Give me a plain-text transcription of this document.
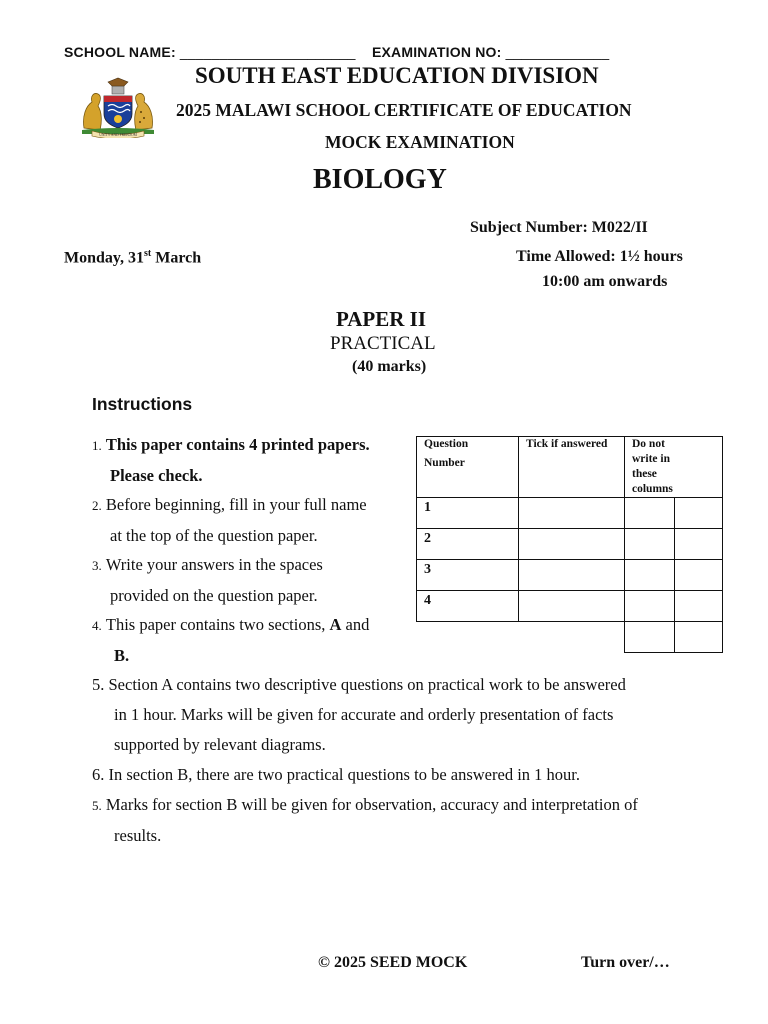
SCHOOL NAME: ______________________ EXAMINATION NO: _____________
UNITY AND FREEDOM
SOUTH EAST EDUCATION DIVISION
2025 MALAWI SCHOOL CERTIFICATE OF EDUCATION
MOCK EXAMINATION
BIOLOGY
Subject Number: M022/II
Monday, 31st March	Time Allowed: 1½ hours
10:00 am onwards
PAPER II
PRACTICAL
(40 marks)
Instructions
1. This paper contains 4 printed papers.
Please check.
2. Before beginning, fill in your full name
at the top of the question paper.
3. Write your answers in the spaces
provided on the question paper.
4. This paper contains two sections, A and
B.
5. Section A contains two descriptive questions on practical work to be answered
in 1 hour. Marks will be given for accurate and orderly presentation of facts
supported by relevant diagrams.
6. In section B, there are two practical questions to be answered in 1 hour.
5. Marks for section B will be given for observation, accuracy and interpretation of
results.
Question
Number	Tick if answered	Do not write in these columns	
1			
2			
3			
4			

© 2025 SEED MOCK	Turn over/…
